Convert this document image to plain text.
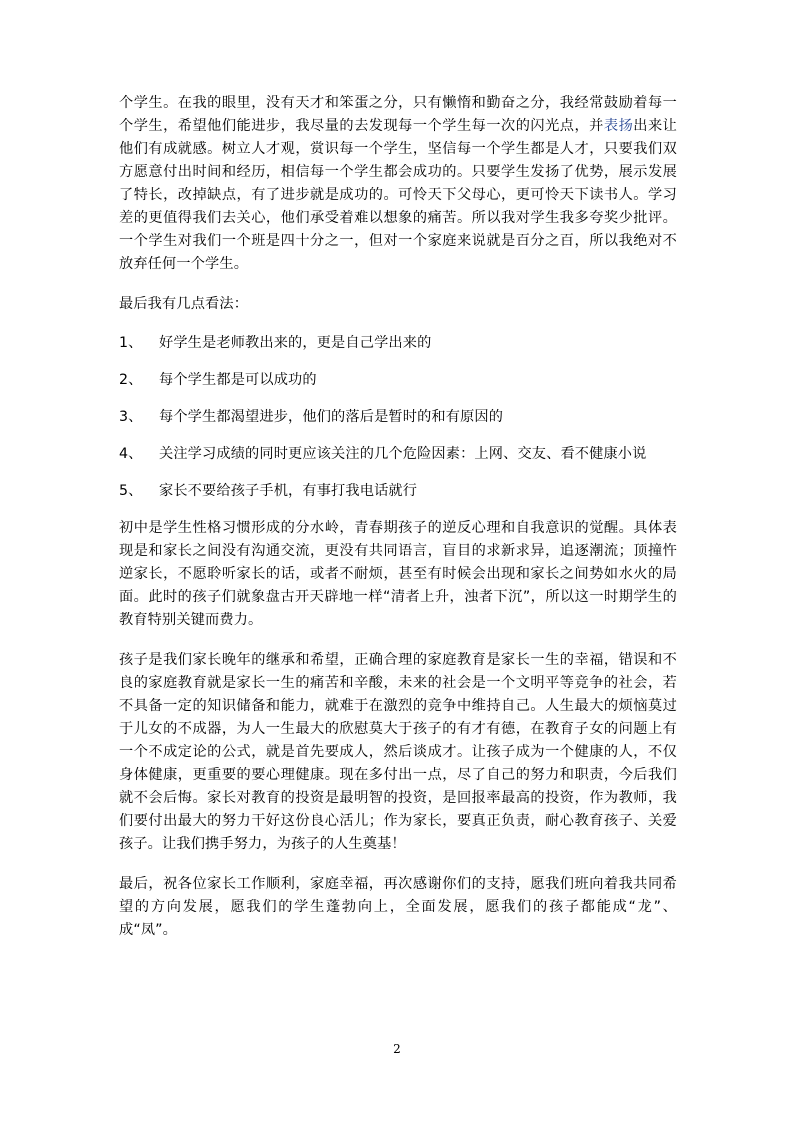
个学生。在我的眼里，没有天才和笨蛋之分，只有懒惰和勤奋之分，我经常鼓励着每一个学生，希望他们能进步，我尽量的去发现每一个学生每一次的闪光点，并表扬出来让他们有成就感。树立人才观，赏识每一个学生，坚信每一个学生都是人才，只要我们双方愿意付出时间和经历，相信每一个学生都会成功的。只要学生发扬了优势，展示发展了特长，改掉缺点，有了进步就是成功的。可怜天下父母心，更可怜天下读书人。学习差的更值得我们去关心，他们承受着难以想象的痛苦。所以我对学生我多夸奖少批评。一个学生对我们一个班是四十分之一，但对一个家庭来说就是百分之百，所以我绝对不放弃任何一个学生。

最后我有几点看法：

1、 好学生是老师教出来的，更是自己学出来的

2、 每个学生都是可以成功的

3、 每个学生都渴望进步，他们的落后是暂时的和有原因的

4、 关注学习成绩的同时更应该关注的几个危险因素：上网、交友、看不健康小说

5、 家长不要给孩子手机，有事打我电话就行

初中是学生性格习惯形成的分水岭，青春期孩子的逆反心理和自我意识的觉醒。具体表现是和家长之间没有沟通交流，更没有共同语言，盲目的求新求异，追逐潮流；顶撞忤逆家长，不愿聆听家长的话，或者不耐烦，甚至有时候会出现和家长之间势如水火的局面。此时的孩子们就象盘古开天辟地一样“清者上升，浊者下沉”，所以这一时期学生的教育特别关键而费力。

孩子是我们家长晚年的继承和希望，正确合理的家庭教育是家长一生的幸福，错误和不良的家庭教育就是家长一生的痛苦和辛酸，未来的社会是一个文明平等竞争的社会，若不具备一定的知识储备和能力，就难于在激烈的竞争中维持自己。人生最大的烦恼莫过于儿女的不成器，为人一生最大的欣慰莫大于孩子的有才有德，在教育子女的问题上有一个不成定论的公式，就是首先要成人，然后谈成才。让孩子成为一个健康的人，不仅身体健康，更重要的要心理健康。现在多付出一点，尽了自己的努力和职责，今后我们就不会后悔。家长对教育的投资是最明智的投资，是回报率最高的投资，作为教师，我们要付出最大的努力干好这份良心活儿；作为家长，要真正负责，耐心教育孩子、关爱孩子。让我们携手努力，为孩子的人生奠基！

最后，祝各位家长工作顺利，家庭幸福，再次感谢你们的支持，愿我们班向着我共同希望的方向发展，愿我们的学生蓬勃向上，全面发展，愿我们的孩子都能成“龙”、成“凤”。

2
